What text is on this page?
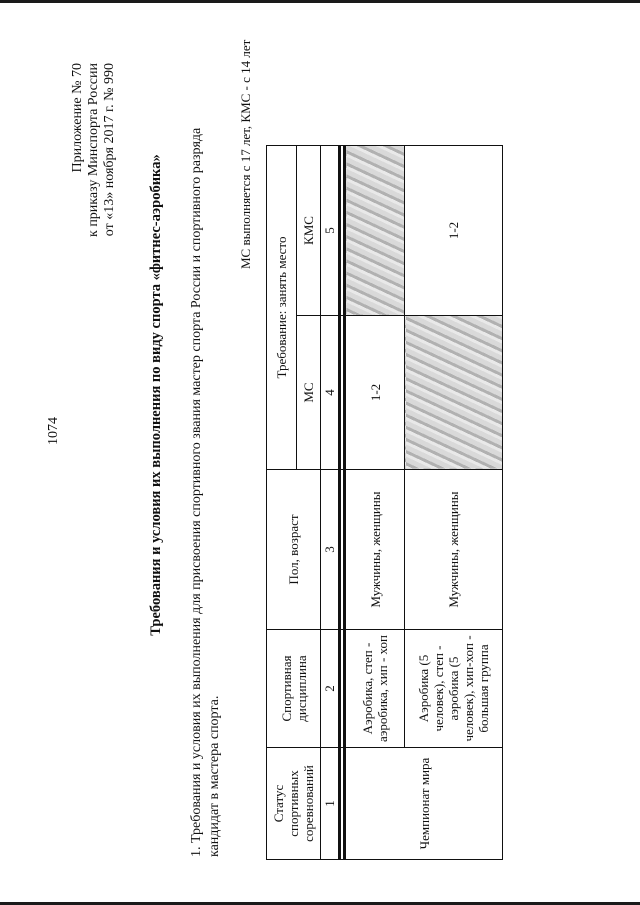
1074
Приложение № 70 к приказу Минспорта России от «13» ноября 2017 г. № 990
Требования и условия их выполнения по виду спорта «фитнес-аэробика» 1. Требования и условия их выполнения для присвоения спортивного звания мастер спорта России и спортивного разряда кандидат в мастера спорта.
МС выполняется с 17 лет, КМС - с 14 лет
Статус спортивных соревнований	Спортивная дисциплина	Пол, возраст	Требование: занять место	
			МС	КМС
1	2	3	4	5

Чемпионат мира	Аэробика, степ - аэробика, хип - хоп	Мужчины, женщины	1-2	
	Аэробика (5 человек), степ - аэробика (5 человек), хип-хоп - большая группа	Мужчины, женщины		1-2
